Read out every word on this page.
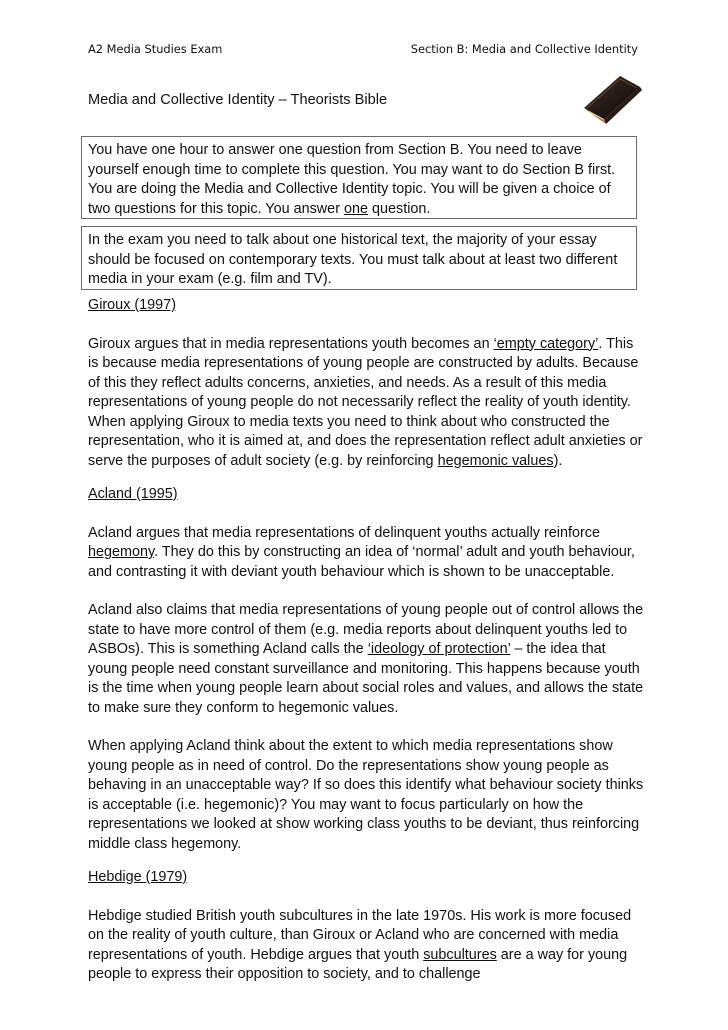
A2 Media Studies Exam	Section B: Media and Collective Identity
Media and Collective Identity – Theorists Bible
You have one hour to answer one question from Section B. You need to leave yourself enough time to complete this question. You may want to do Section B first. You are doing the Media and Collective Identity topic. You will be given a choice of two questions for this topic. You answer one question.
In the exam you need to talk about one historical text, the majority of your essay should be focused on contemporary texts. You must talk about at least two different media in your exam (e.g. film and TV).

Giroux (1997)

Giroux argues that in media representations youth becomes an ‘empty category’. This is because media representations of young people are constructed by adults. Because of this they reflect adults concerns, anxieties, and needs. As a result of this media representations of young people do not necessarily reflect the reality of youth identity. When applying Giroux to media texts you need to think about who constructed the representation, who it is aimed at, and does the representation reflect adult anxieties or serve the purposes of adult society (e.g. by reinforcing hegemonic values).

Acland (1995)

Acland argues that media representations of delinquent youths actually reinforce hegemony. They do this by constructing an idea of ‘normal’ adult and youth behaviour, and contrasting it with deviant youth behaviour which is shown to be unacceptable.

Acland also claims that media representations of young people out of control allows the state to have more control of them (e.g. media reports about delinquent youths led to ASBOs). This is something Acland calls the ‘ideology of protection’ – the idea that young people need constant surveillance and monitoring. This happens because youth is the time when young people learn about social roles and values, and allows the state to make sure they conform to hegemonic values.

When applying Acland think about the extent to which media representations show young people as in need of control. Do the representations show young people as behaving in an unacceptable way? If so does this identify what behaviour society thinks is acceptable (i.e. hegemonic)? You may want to focus particularly on how the representations we looked at show working class youths to be deviant, thus reinforcing middle class hegemony.

Hebdige (1979)

Hebdige studied British youth subcultures in the late 1970s. His work is more focused on the reality of youth culture, than Giroux or Acland who are concerned with media representations of youth. Hebdige argues that youth subcultures are a way for young people to express their opposition to society, and to challenge
